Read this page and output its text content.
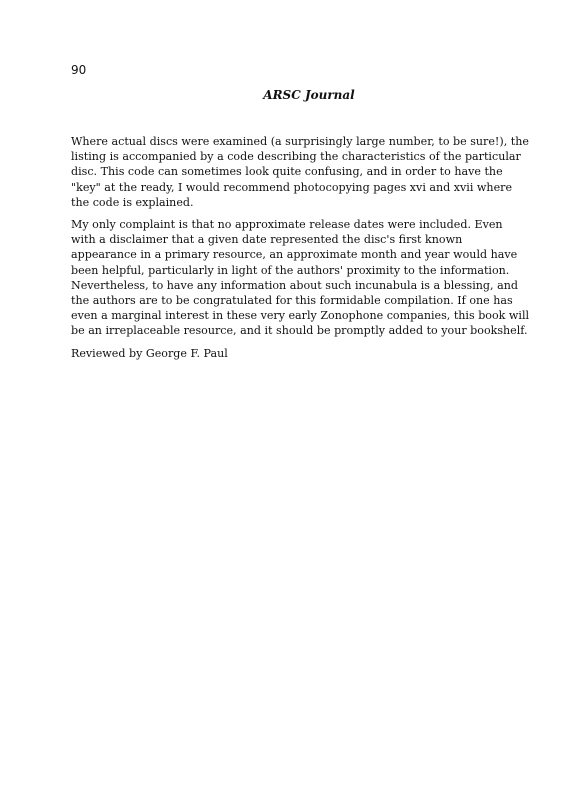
90
ARSC Journal

Where actual discs were examined (a surprisingly large number, to be sure!), the
listing is accompanied by a code describing the characteristics of the particular
disc. This code can sometimes look quite confusing, and in order to have the
"key" at the ready, I would recommend photocopying pages xvi and xvii where
the code is explained.

My only complaint is that no approximate release dates were included. Even
with a disclaimer that a given date represented the disc's first known
appearance in a primary resource, an approximate month and year would have
been helpful, particularly in light of the authors' proximity to the information.
Nevertheless, to have any information about such incunabula is a blessing, and
the authors are to be congratulated for this formidable compilation. If one has
even a marginal interest in these very early Zonophone companies, this book will
be an irreplaceable resource, and it should be promptly added to your bookshelf.

Reviewed by George F. Paul
